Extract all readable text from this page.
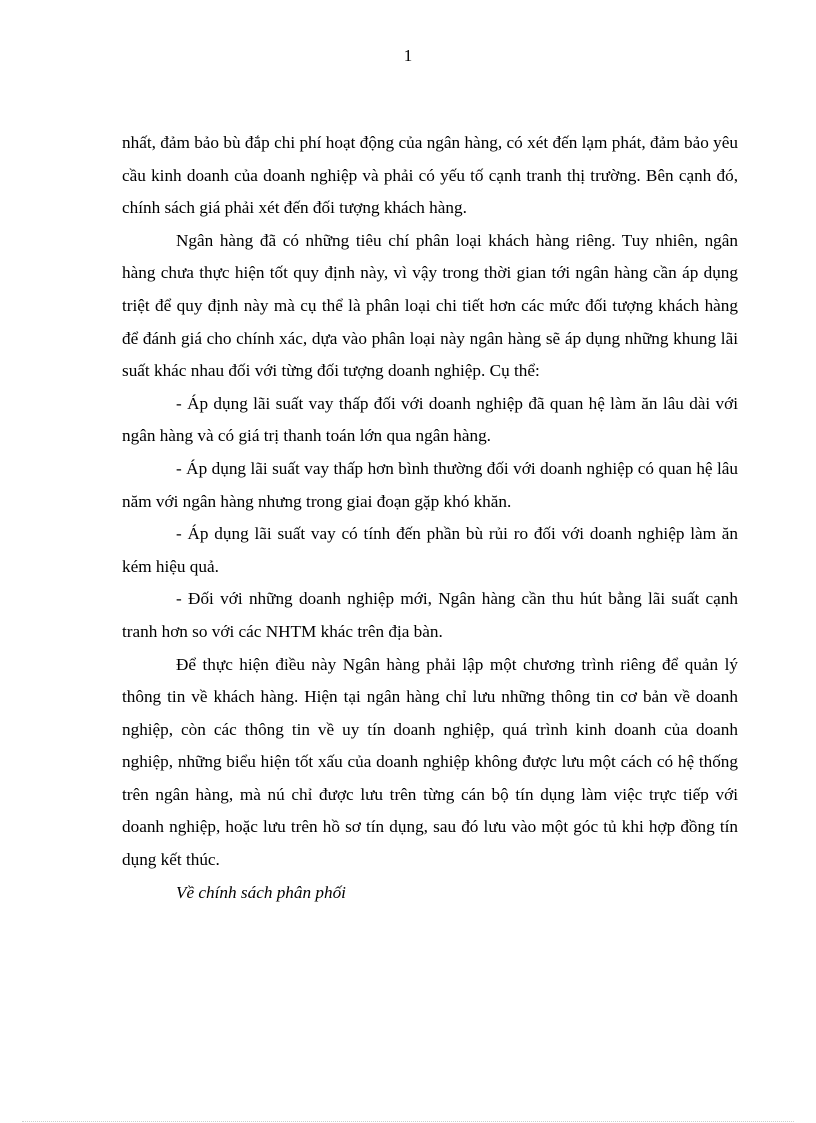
1

nhất, đảm bảo bù đắp chi phí hoạt động của ngân hàng, có xét đến lạm phát, đảm bảo yêu cầu kinh doanh của doanh nghiệp và phải có yếu tố cạnh tranh thị trường. Bên cạnh đó, chính sách giá phải xét đến đối tượng khách hàng.

Ngân hàng đã có những tiêu chí phân loại khách hàng riêng. Tuy nhiên, ngân hàng chưa thực hiện tốt quy định này, vì vậy trong thời gian tới ngân hàng cần áp dụng triệt để quy định này mà cụ thể là phân loại chi tiết hơn các mức đối tượng khách hàng để đánh giá cho chính xác, dựa vào phân loại này ngân hàng sẽ áp dụng những khung lãi suất khác nhau đối với từng đối tượng doanh nghiệp. Cụ thể:

- Áp dụng lãi suất vay thấp đối với doanh nghiệp đã quan hệ làm ăn lâu dài với ngân hàng và có giá trị thanh toán lớn qua ngân hàng.

- Áp dụng lãi suất vay thấp hơn bình thường đối với doanh nghiệp có quan hệ lâu năm với ngân hàng nhưng trong giai đoạn gặp khó khăn.

- Áp dụng lãi suất vay có tính đến phần bù rủi ro đối với doanh nghiệp làm ăn kém hiệu quả.

- Đối với những doanh nghiệp mới, Ngân hàng cần thu hút bằng lãi suất cạnh tranh hơn so với các NHTM khác trên địa bàn.

Để thực hiện điều này Ngân hàng phải lập một chương trình riêng để quản lý thông tin về khách hàng. Hiện tại ngân hàng chỉ lưu những thông tin cơ bản về doanh nghiệp, còn các thông tin về uy tín doanh nghiệp, quá trình kinh doanh của doanh nghiệp, những biểu hiện tốt xấu của doanh nghiệp không được lưu một cách có hệ thống trên ngân hàng, mà nú chỉ được lưu trên từng cán bộ tín dụng làm việc trực tiếp với doanh nghiệp, hoặc lưu trên hồ sơ tín dụng, sau đó lưu vào một góc tủ khi hợp đồng tín dụng kết thúc.

Về chính sách phân phối
